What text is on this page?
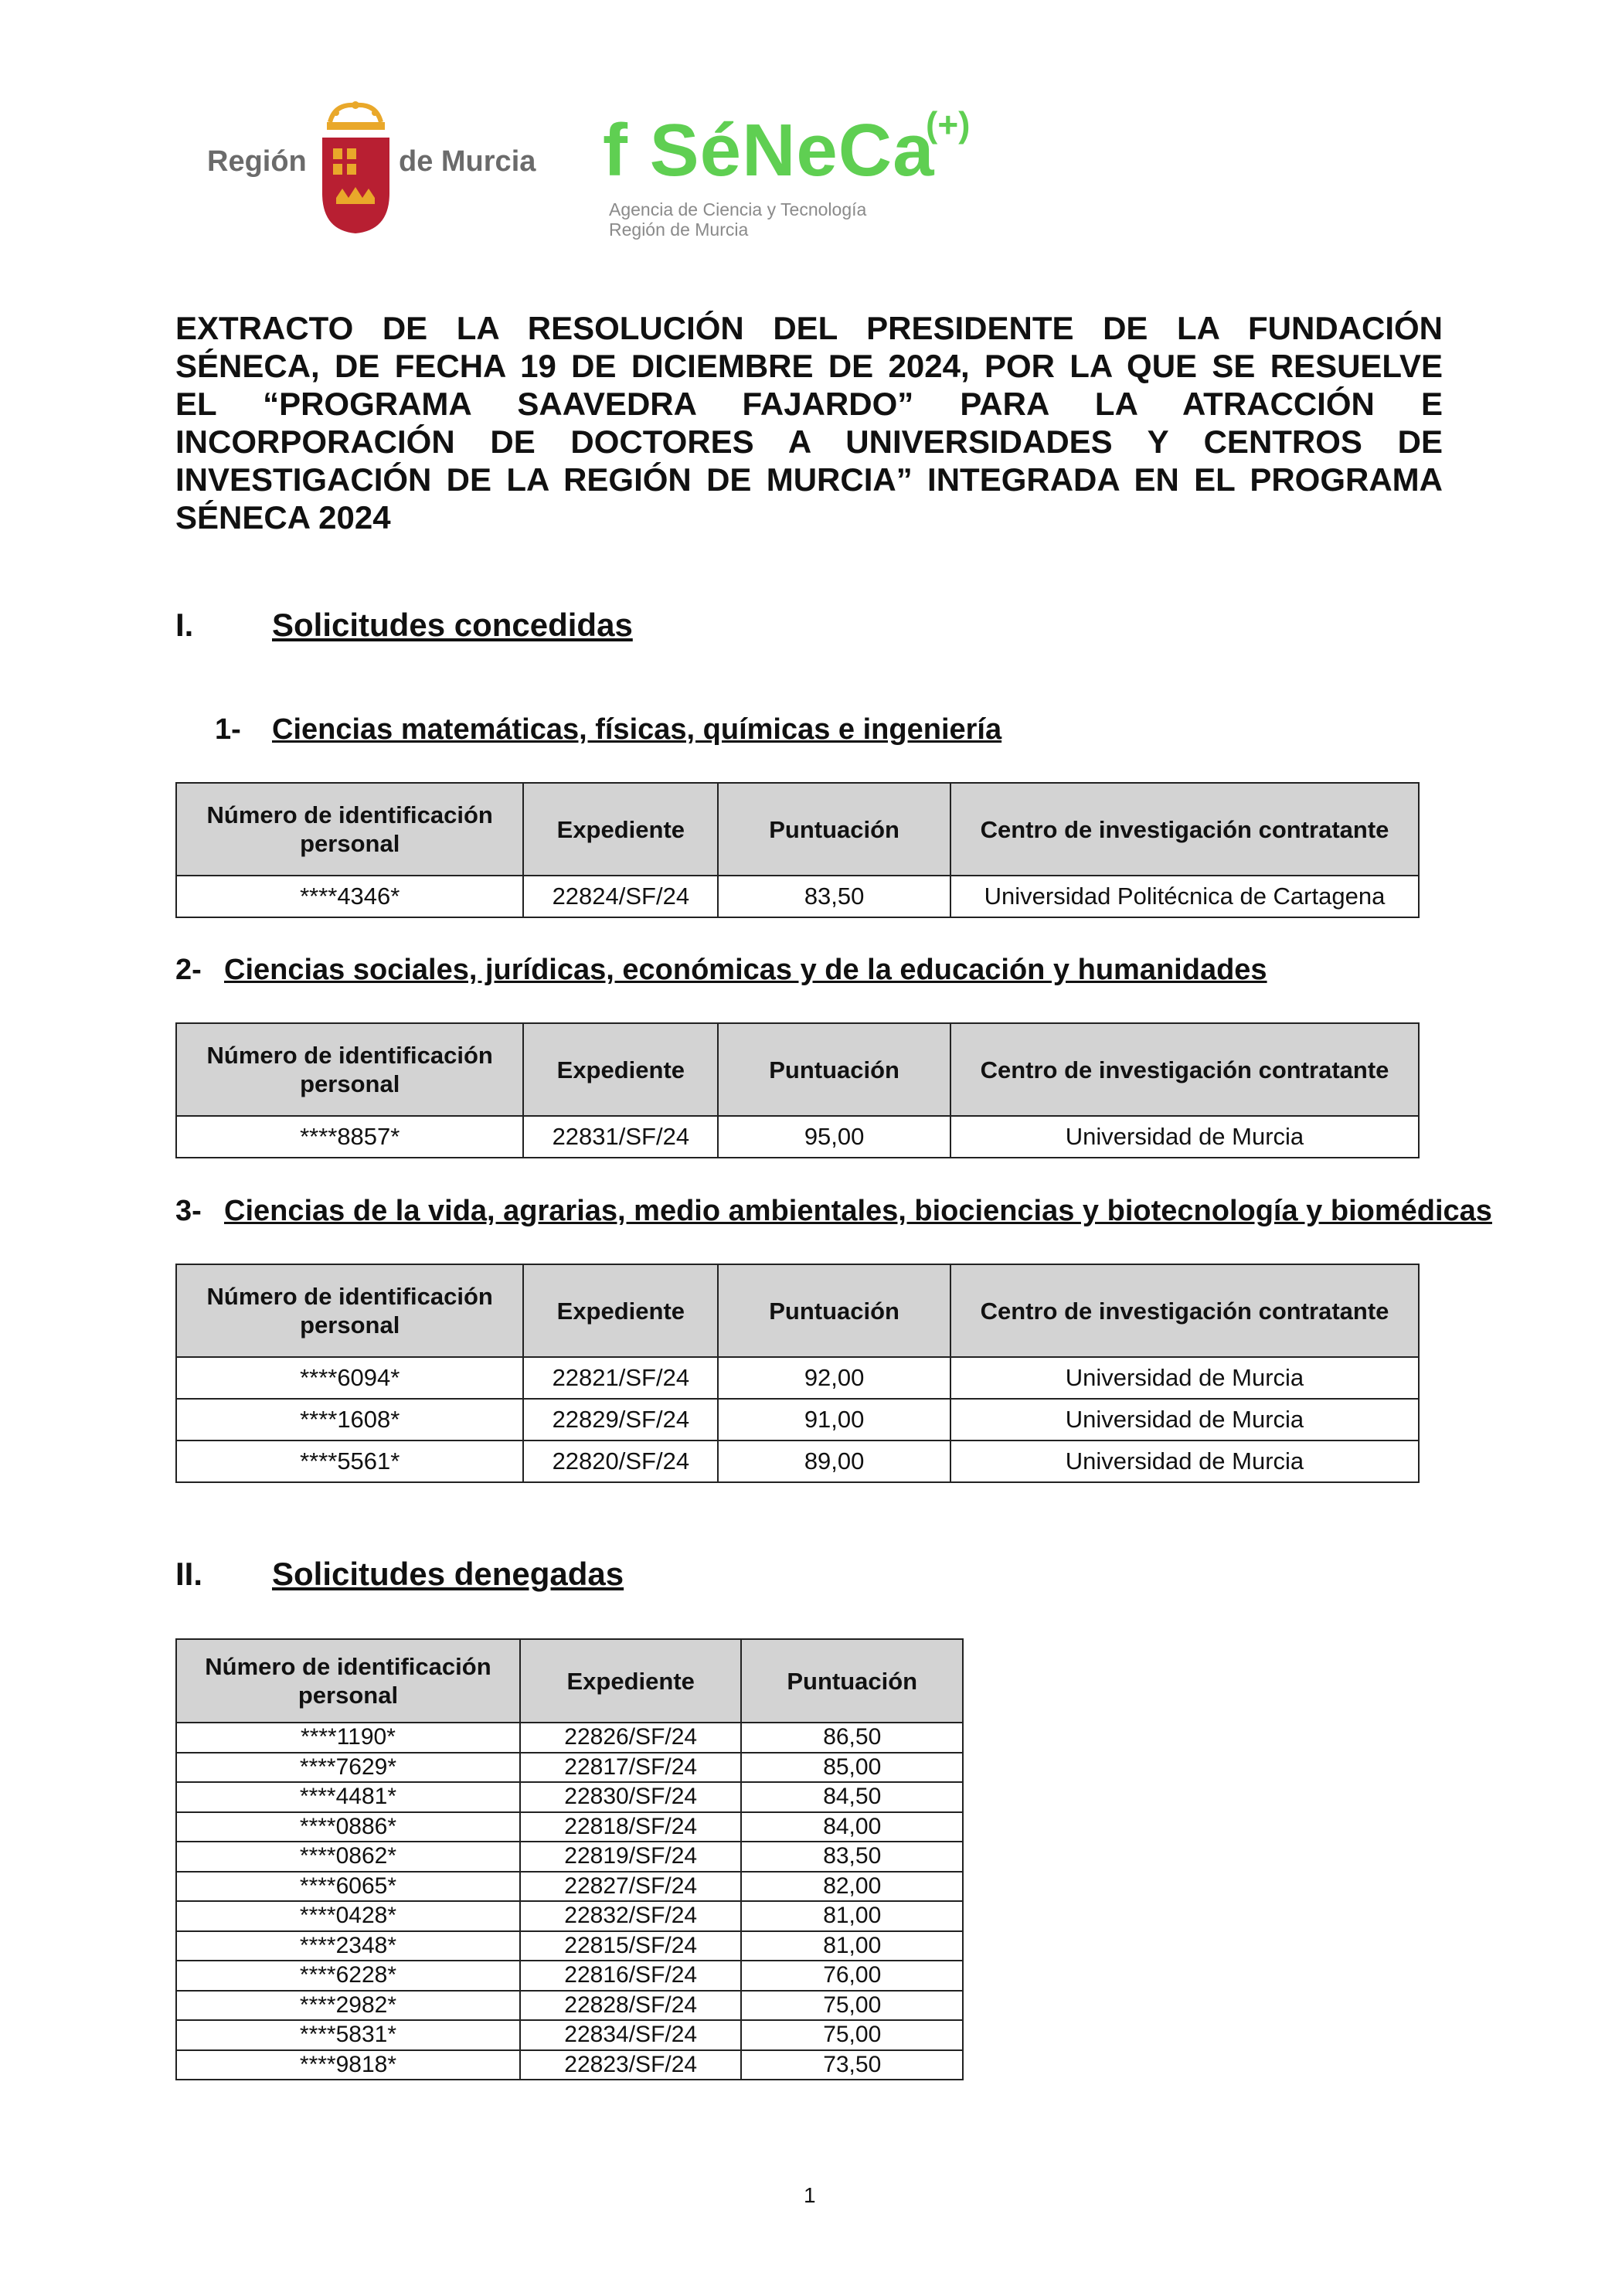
Región	de Murcia f SéNeCa
(+)
Agencia de Ciencia y Tecnología
Región de Murcia
EXTRACTO DE LA RESOLUCIÓN DEL PRESIDENTE DE LA FUNDACIÓN
SÉNECA, DE FECHA 19 DE DICIEMBRE DE 2024, POR LA QUE SE RESUELVE
EL “PROGRAMA SAAVEDRA FAJARDO” PARA LA ATRACCIÓN E
INCORPORACIÓN DE DOCTORES A UNIVERSIDADES Y CENTROS DE
INVESTIGACIÓN DE LA REGIÓN DE MURCIA” INTEGRADA EN EL PROGRAMA
SÉNECA 2024
I. Solicitudes concedidas
1- Ciencias matemáticas, físicas, químicas e ingeniería
Número de identificación personal	Expediente	Puntuación	Centro de investigación contratante
****4346*	22824/SF/24	83,50	Universidad Politécnica de Cartagena
2- Ciencias sociales, jurídicas, económicas y de la educación y humanidades
Número de identificación personal	Expediente	Puntuación	Centro de investigación contratante
****8857*	22831/SF/24	95,00	Universidad de Murcia
3- Ciencias de la vida, agrarias, medio ambientales, biociencias y biotecnología y biomédicas
Número de identificación personal	Expediente	Puntuación	Centro de investigación contratante
****6094*	22821/SF/24	92,00	Universidad de Murcia
****1608*	22829/SF/24	91,00	Universidad de Murcia
****5561*	22820/SF/24	89,00	Universidad de Murcia
II. Solicitudes denegadas
Número de identificación personal	Expediente	Puntuación
****1190*	22826/SF/24	86,50
****7629*	22817/SF/24	85,00
****4481*	22830/SF/24	84,50
****0886*	22818/SF/24	84,00
****0862*	22819/SF/24	83,50
****6065*	22827/SF/24	82,00
****0428*	22832/SF/24	81,00
****2348*	22815/SF/24	81,00
****6228*	22816/SF/24	76,00
****2982*	22828/SF/24	75,00
****5831*	22834/SF/24	75,00
****9818*	22823/SF/24	73,50
1
